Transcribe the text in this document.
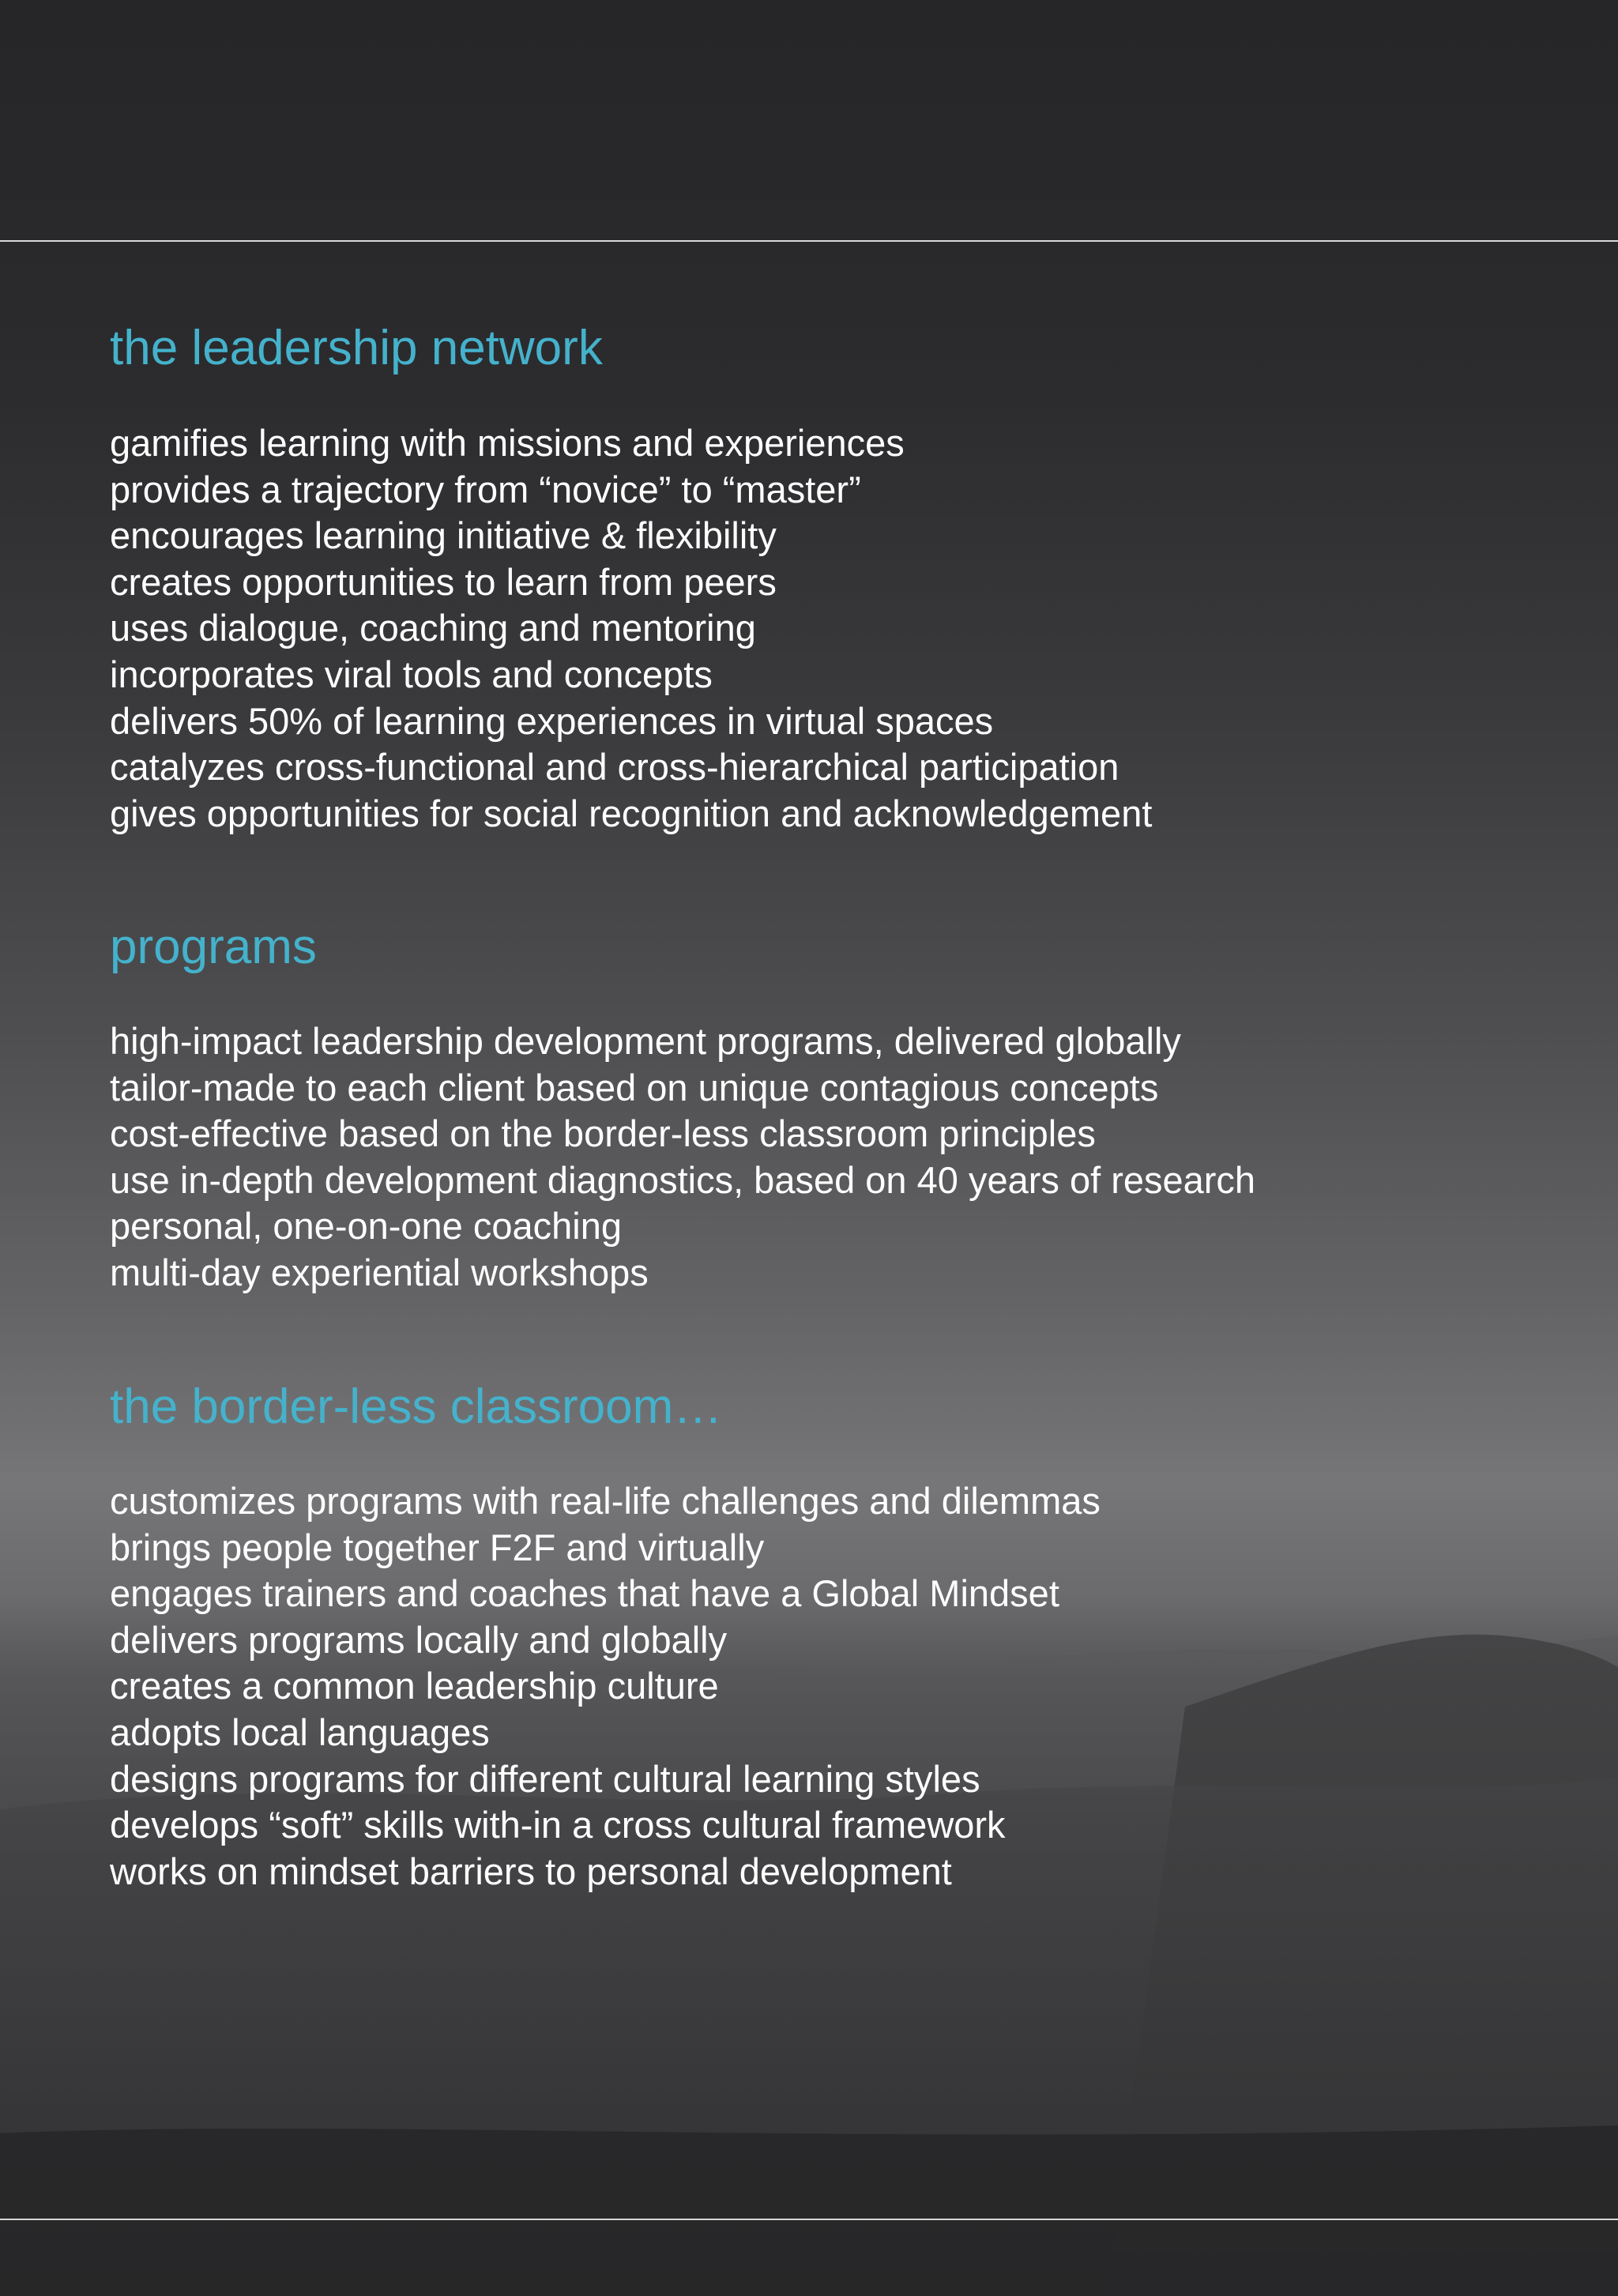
the leadership network
gamifies learning with missions and experiences
provides a trajectory from “novice” to “master”
encourages learning initiative & flexibility
creates opportunities to learn from peers
uses dialogue, coaching and mentoring
incorporates viral tools and concepts
delivers 50% of learning experiences in virtual spaces
catalyzes cross-functional and cross-hierarchical participation
gives opportunities for social recognition and acknowledgement
programs
high-impact leadership development programs, delivered globally
tailor-made to each client based on unique contagious concepts
cost-effective based on the border-less classroom principles
use in-depth development diagnostics, based on 40 years of research
personal, one-on-one coaching
multi-day experiential workshops
the border-less classroom…
customizes programs with real-life challenges and dilemmas
brings people together F2F and virtually
engages trainers and coaches that have a Global Mindset
delivers programs locally and globally
creates a common leadership culture
adopts local languages
designs programs for different cultural learning styles
develops “soft” skills with-in a cross cultural framework
works on mindset barriers to personal development
